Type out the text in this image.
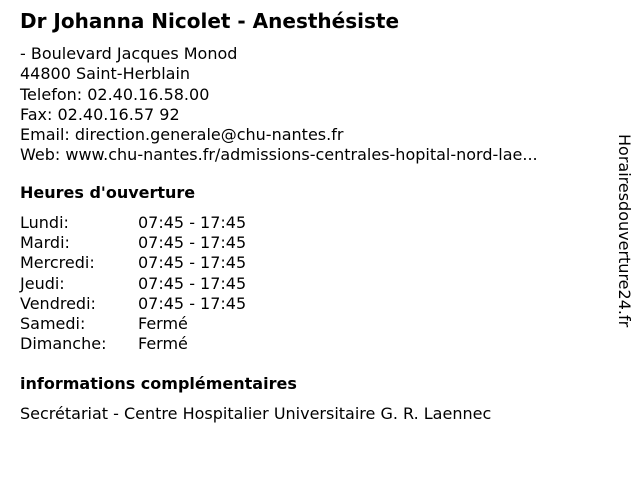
Dr Johanna Nicolet - Anesthésiste
- Boulevard Jacques Monod
44800 Saint-Herblain
Telefon: 02.40.16.58.00
Fax: 02.40.16.57 92
Email: direction.generale@chu-nantes.fr
Web: www.chu-nantes.fr/admissions-centrales-hopital-nord-lae...
Heures d'ouverture
Lundi:	07:45 - 17:45
Mardi:	07:45 - 17:45
Mercredi:	07:45 - 17:45
Jeudi:	07:45 - 17:45
Vendredi:	07:45 - 17:45
Samedi:	Fermé
Dimanche:	Fermé
informations complémentaires
Secrétariat - Centre Hospitalier Universitaire G. R. Laennec
Horairesdouverture24.fr
